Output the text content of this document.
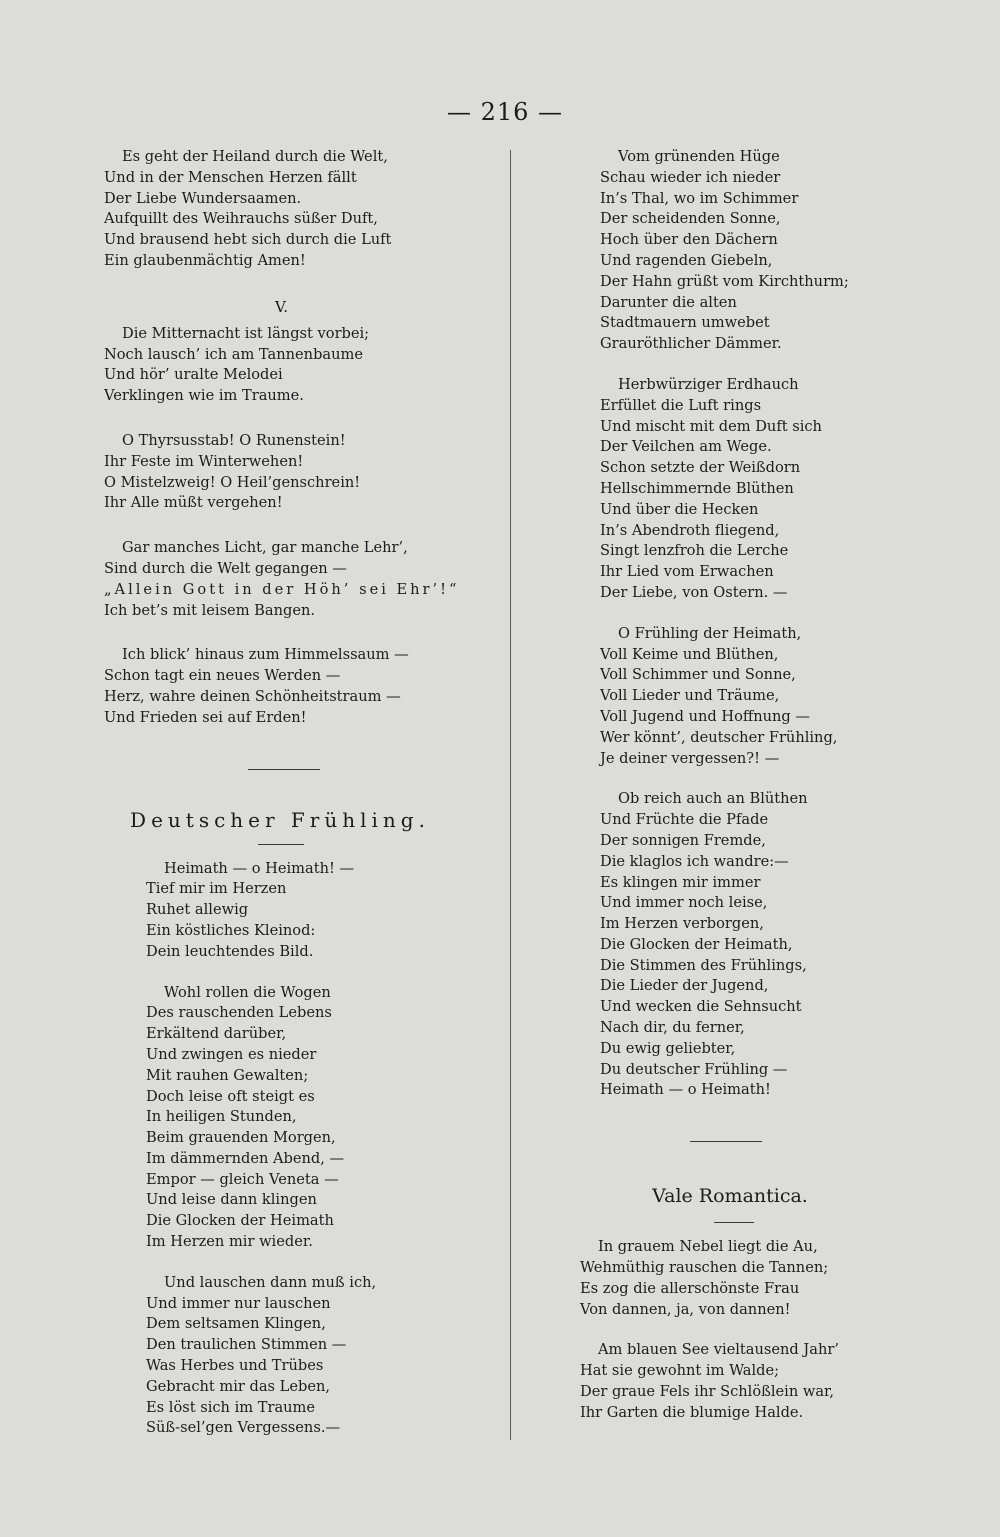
— 216 —
Es geht der Heiland durch die Welt,
Und in der Menschen Herzen fällt
Der Liebe Wundersaamen.
Aufquillt des Weihrauchs süßer Duft,
Und brausend hebt sich durch die Luft
Ein glaubenmächtig Amen!
V.
Die Mitternacht ist längst vorbei;
Noch lausch’ ich am Tannenbaume
Und hör’ uralte Melodei
Verklingen wie im Traume.
O Thyrsusstab! O Runenstein!
Ihr Feste im Winterwehen!
O Mistelzweig! O Heil’genschrein!
Ihr Alle müßt vergehen!
Gar manches Licht, gar manche Lehr’,
Sind durch die Welt gegangen —
„Allein Gott in der Höh’ sei Ehr’!“
Ich bet’s mit leisem Bangen.
Ich blick’ hinaus zum Himmelssaum —
Schon tagt ein neues Werden —
Herz, wahre deinen Schönheitstraum —
Und Frieden sei auf Erden!
Deutscher Frühling.
Heimath — o Heimath! —
Tief mir im Herzen
Ruhet allewig
Ein köstliches Kleinod:
Dein leuchtendes Bild.
Wohl rollen die Wogen
Des rauschenden Lebens
Erkältend darüber,
Und zwingen es nieder
Mit rauhen Gewalten;
Doch leise oft steigt es
In heiligen Stunden,
Beim grauenden Morgen,
Im dämmernden Abend, —
Empor — gleich Veneta —
Und leise dann klingen
Die Glocken der Heimath
Im Herzen mir wieder.
Und lauschen dann muß ich,
Und immer nur lauschen
Dem seltsamen Klingen,
Den traulichen Stimmen —
Was Herbes und Trübes
Gebracht mir das Leben,
Es löst sich im Traume
Süß-sel’gen Vergessens.—
Vom grünenden Hüge
Schau wieder ich nieder
In’s Thal, wo im Schimmer
Der scheidenden Sonne,
Hoch über den Dächern
Und ragenden Giebeln,
Der Hahn grüßt vom Kirchthurm;
Darunter die alten
Stadtmauern umwebet
Grauröthlicher Dämmer.
Herbwürziger Erdhauch
Erfüllet die Luft rings
Und mischt mit dem Duft sich
Der Veilchen am Wege.
Schon setzte der Weißdorn
Hellschimmernde Blüthen
Und über die Hecken
In’s Abendroth fliegend,
Singt lenzfroh die Lerche
Ihr Lied vom Erwachen
Der Liebe, von Ostern. —
O Frühling der Heimath,
Voll Keime und Blüthen,
Voll Schimmer und Sonne,
Voll Lieder und Träume,
Voll Jugend und Hoffnung —
Wer könnt’, deutscher Frühling,
Je deiner vergessen?! —
Ob reich auch an Blüthen
Und Früchte die Pfade
Der sonnigen Fremde,
Die klaglos ich wandre:—
Es klingen mir immer
Und immer noch leise,
Im Herzen verborgen,
Die Glocken der Heimath,
Die Stimmen des Frühlings,
Die Lieder der Jugend,
Und wecken die Sehnsucht
Nach dir, du ferner,
Du ewig geliebter,
Du deutscher Frühling —
Heimath — o Heimath!
Vale Romantica.
In grauem Nebel liegt die Au,
Wehmüthig rauschen die Tannen;
Es zog die allerschönste Frau
Von dannen, ja, von dannen!
Am blauen See vieltausend Jahr’
Hat sie gewohnt im Walde;
Der graue Fels ihr Schlößlein war,
Ihr Garten die blumige Halde.
